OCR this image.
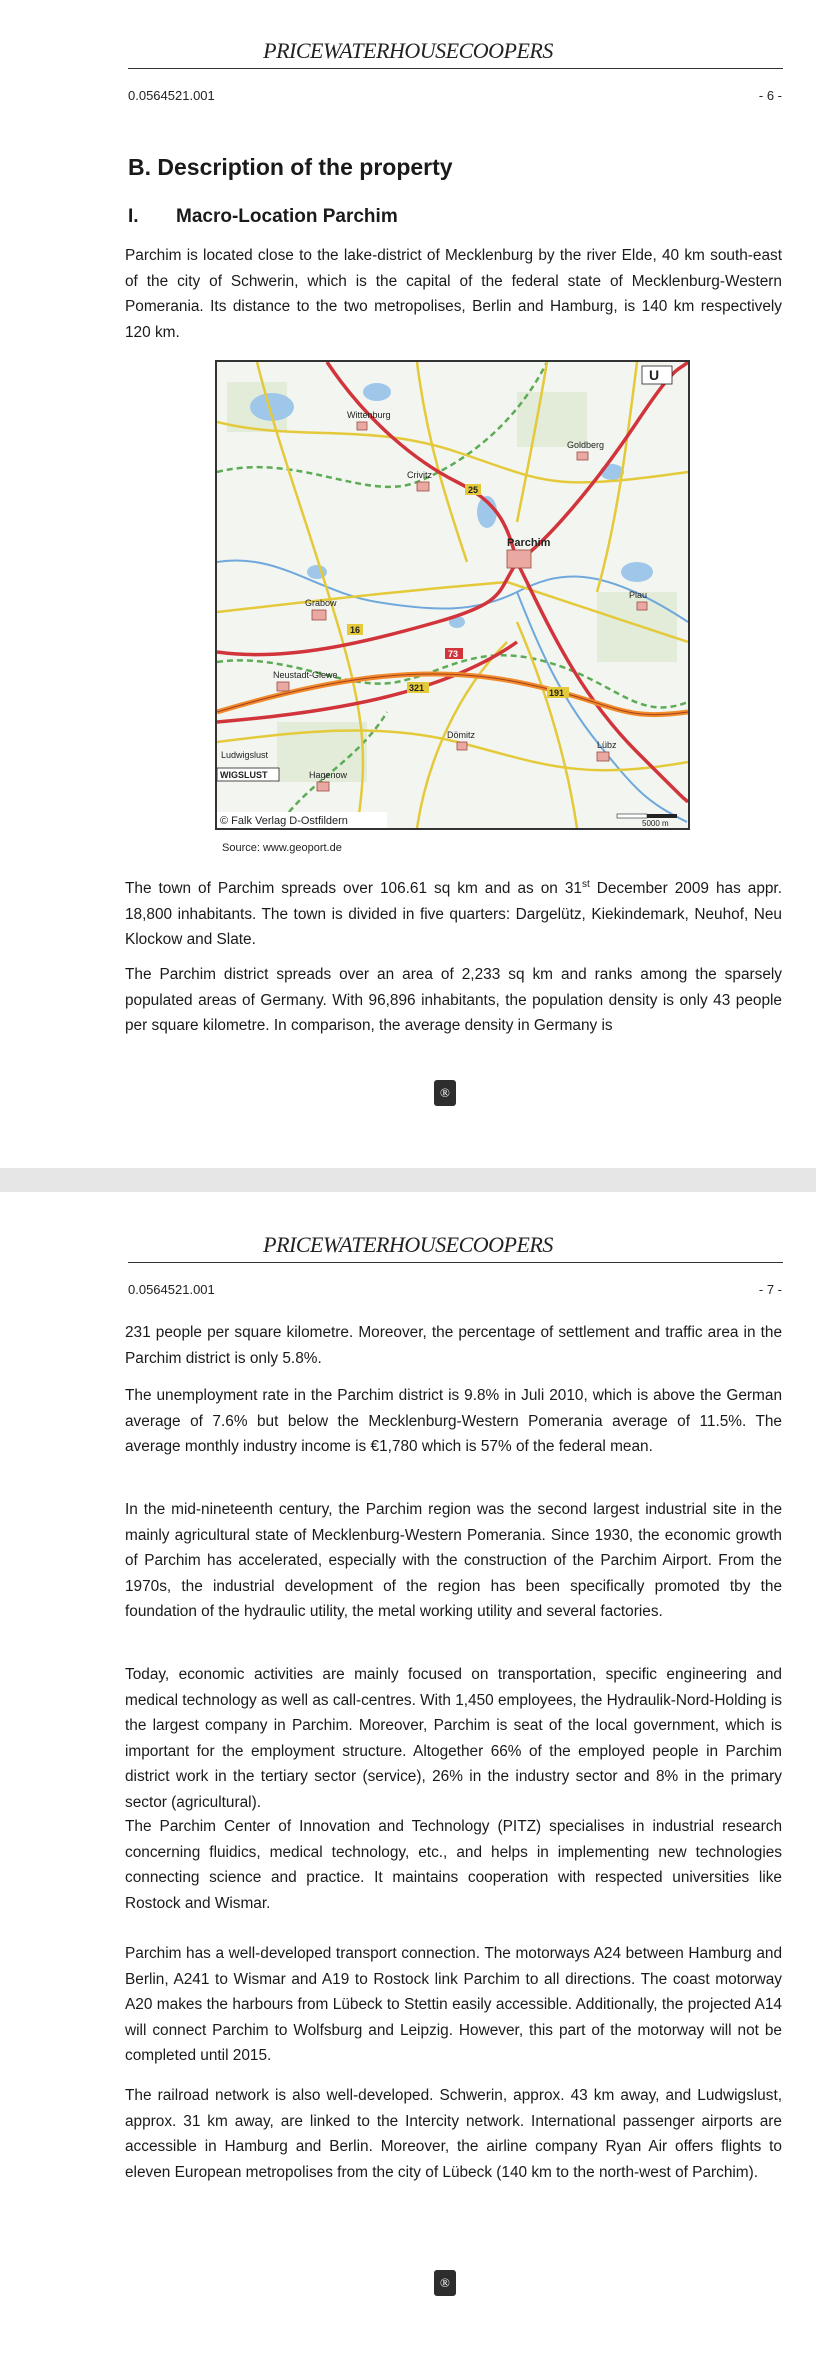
PRICEWATERHOUSECOOPERS
0.0564521.001	- 6 -
B. Description of the property
I. Macro-Location Parchim

Parchim is located close to the lake-district of Mecklenburg by the river Elde, 40 km south-east of the city of Schwerin, which is the capital of the federal state of Mecklenburg-Western Pomerania. Its distance to the two metropolises, Berlin and Hamburg, is 140 km respectively 120 km.

73
25
16
321	191
Parchim
Lübz
Crivitz
Goldberg
Plau
Ludwigslust
Neustadt-Glewe
Grabow
Dömitz
Wittenburg
Hagenow
WIGSLUST
U
© Falk Verlag D-Ostfildern	5000 m
Source: www.geoport.de

The town of Parchim spreads over 106.61 sq km and as on 31st December 2009 has appr. 18,800 inhabitants. The town is divided in five quarters: Dargelütz, Kiekindemark, Neuhof, Neu Klockow and Slate.

The Parchim district spreads over an area of 2,233 sq km and ranks among the sparsely populated areas of Germany. With 96,896 inhabitants, the population density is only 43 people per square kilometre. In comparison, the average density in Germany is

®
PRICEWATERHOUSECOOPERS
0.0564521.001	- 7 -

231 people per square kilometre. Moreover, the percentage of settlement and traffic area in the Parchim district is only 5.8%.

The unemployment rate in the Parchim district is 9.8% in Juli 2010, which is above the German average of 7.6% but below the Mecklenburg-Western Pomerania average of 11.5%. The average monthly industry income is €1,780 which is 57% of the federal mean.

In the mid-nineteenth century, the Parchim region was the second largest industrial site in the mainly agricultural state of Mecklenburg-Western Pomerania. Since 1930, the economic growth of Parchim has accelerated, especially with the construction of the Parchim Airport. From the 1970s, the industrial development of the region has been specifically promoted tby the foundation of the hydraulic utility, the metal working utility and several factories.

Today, economic activities are mainly focused on transportation, specific engineering and medical technology as well as call-centres. With 1,450 employees, the Hydraulik-Nord-Holding is the largest company in Parchim. Moreover, Parchim is seat of the local government, which is important for the employment structure. Altogether 66% of the employed people in Parchim district work in the tertiary sector (service), 26% in the industry sector and 8% in the primary sector (agricultural).

The Parchim Center of Innovation and Technology (PITZ) specialises in industrial research concerning fluidics, medical technology, etc., and helps in implementing new technologies connecting science and practice. It maintains cooperation with respected universities like Rostock and Wismar.

Parchim has a well-developed transport connection. The motorways A24 between Hamburg and Berlin, A241 to Wismar and A19 to Rostock link Parchim to all directions. The coast motorway A20 makes the harbours from Lübeck to Stettin easily accessible. Additionally, the projected A14 will connect Parchim to Wolfsburg and Leipzig. However, this part of the motorway will not be completed until 2015.

The railroad network is also well-developed. Schwerin, approx. 43 km away, and Ludwigslust, approx. 31 km away, are linked to the Intercity network. International passenger airports are accessible in Hamburg and Berlin. Moreover, the airline company Ryan Air offers flights to eleven European metropolises from the city of Lübeck (140 km to the north-west of Parchim).

®
